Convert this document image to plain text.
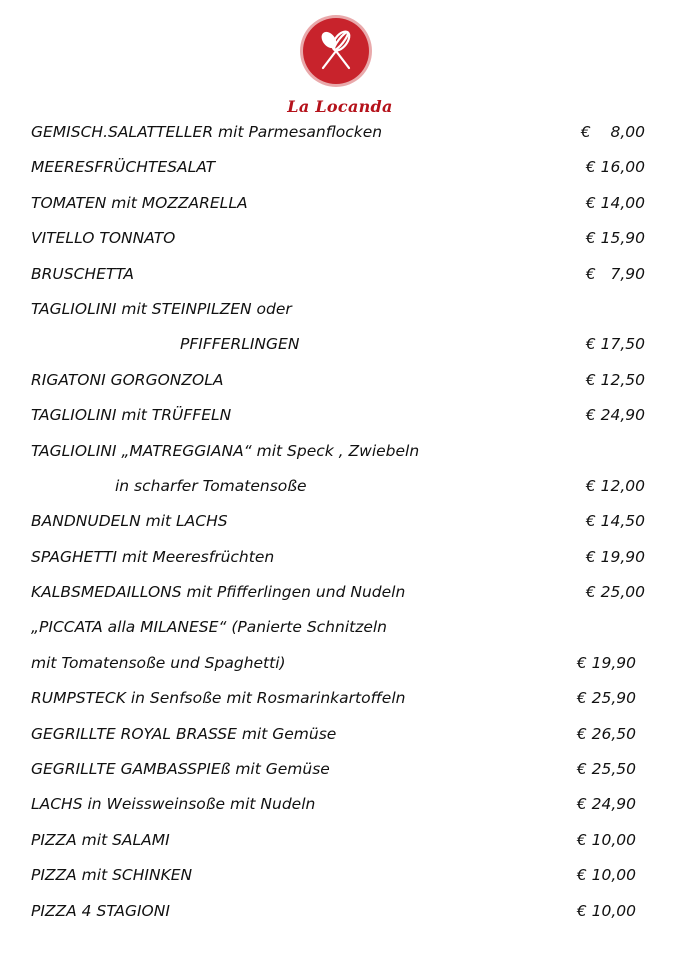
La Locanda
GEMISCH.SALATTELLER mit Parmesanflocken	€    8,00
MEERESFRÜCHTESALAT	€ 16,00
TOMATEN mit MOZZARELLA	€ 14,00
VITELLO TONNATO	€ 15,90
BRUSCHETTA	€   7,90
TAGLIOLINI mit STEINPILZEN oder
PFIFFERLINGEN	€ 17,50
RIGATONI GORGONZOLA	€ 12,50
TAGLIOLINI mit TRÜFFELN	€ 24,90
TAGLIOLINI „MATREGGIANA“ mit Speck , Zwiebeln
in scharfer Tomatensoße	€ 12,00
BANDNUDELN mit LACHS	€ 14,50
SPAGHETTI mit Meeresfrüchten	€ 19,90
KALBSMEDAILLONS mit Pfifferlingen und Nudeln	€ 25,00
„PICCATA alla MILANESE“ (Panierte Schnitzeln
mit Tomatensoße und Spaghetti)	€ 19,90
RUMPSTECK in Senfsoße mit Rosmarinkartoffeln	€ 25,90
GEGRILLTE ROYAL BRASSE mit Gemüse	€ 26,50
GEGRILLTE GAMBASSPIEß mit Gemüse	€ 25,50
LACHS in Weissweinsoße mit Nudeln	€ 24,90
PIZZA mit SALAMI	€ 10,00
PIZZA mit SCHINKEN	€ 10,00
PIZZA 4 STAGIONI	€ 10,00
